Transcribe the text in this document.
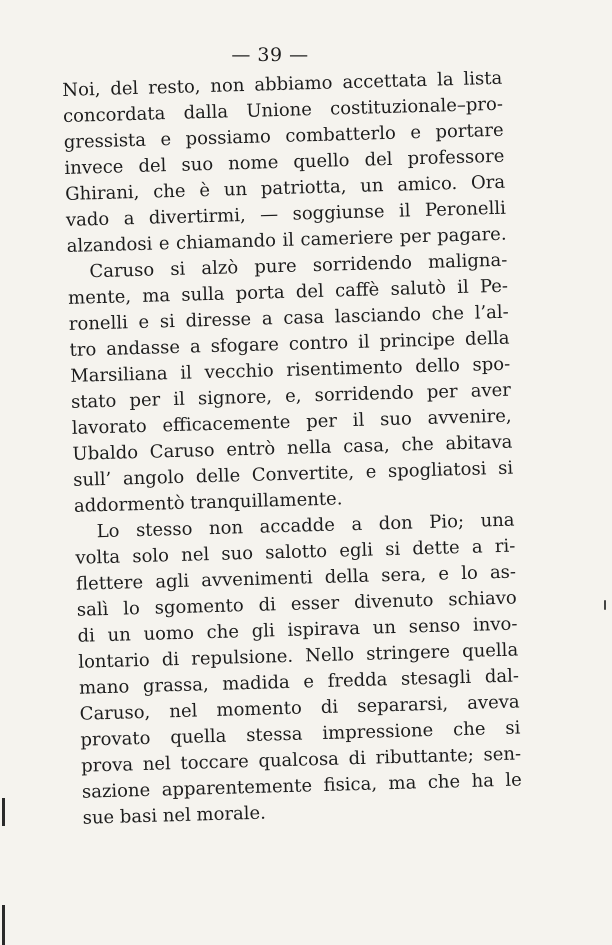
— 39 —
Noi, del resto, non abbiamo accettata la lista
concordata dalla Unione costituzionale–pro-
gressista e possiamo combatterlo e portare
invece del suo nome quello del professore
Ghirani, che è un patriotta, un amico. Ora
vado a divertirmi, — soggiunse il Peronelli
alzandosi e chiamando il cameriere per pagare.
Caruso si alzò pure sorridendo maligna-
mente, ma sulla porta del caffè salutò il Pe-
ronelli e si diresse a casa lasciando che l’al-
tro andasse a sfogare contro il principe della
Marsiliana il vecchio risentimento dello spo-
stato per il signore, e, sorridendo per aver
lavorato efficacemente per il suo avvenire,
Ubaldo Caruso entrò nella casa, che abitava
sull’ angolo delle Convertite, e spogliatosi si
addormentò tranquillamente.
Lo stesso non accadde a don Pio; una
volta solo nel suo salotto egli si dette a ri-
flettere agli avvenimenti della sera, e lo as-
salì lo sgomento di esser divenuto schiavo
di un uomo che gli ispirava un senso invo-
lontario di repulsione. Nello stringere quella
mano grassa, madida e fredda stesagli dal-
Caruso, nel momento di separarsi, aveva
provato quella stessa impressione che si
prova nel toccare qualcosa di ributtante; sen-
sazione apparentemente fisica, ma che ha le
sue basi nel morale.
